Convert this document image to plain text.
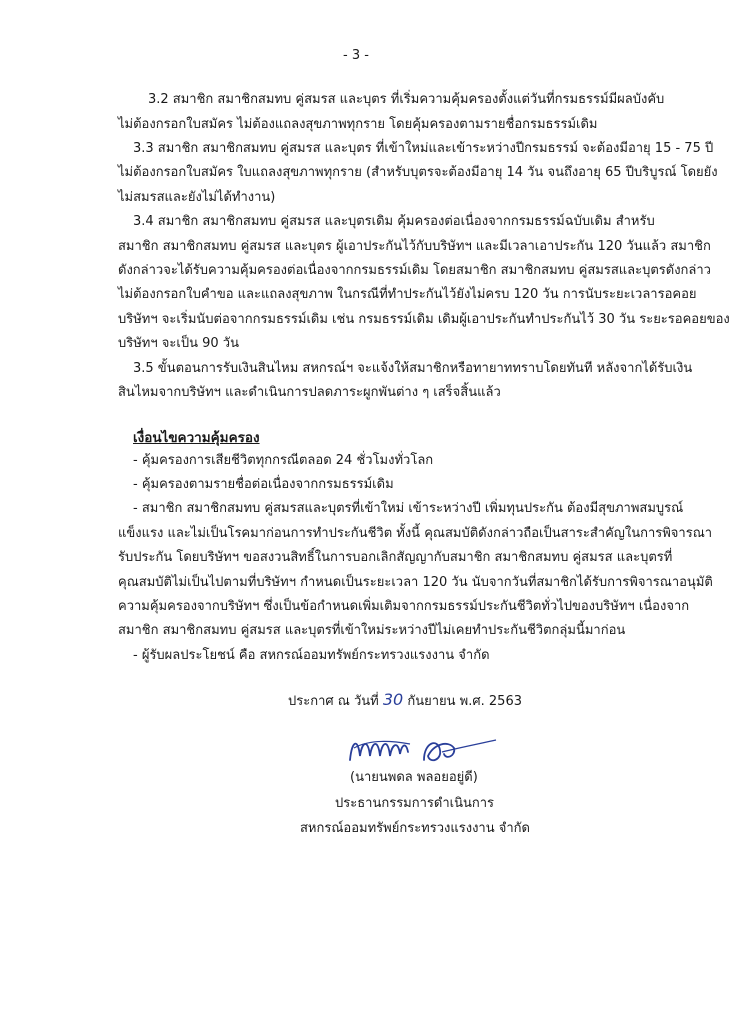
- 3 -
3.2 สมาชิก สมาชิกสมทบ คู่สมรส และบุตร ที่เริ่มความคุ้มครองตั้งแต่วันที่กรมธรรม์มีผลบังคับ
ไม่ต้องกรอกใบสมัคร ไม่ต้องแถลงสุขภาพทุกราย โดยคุ้มครองตามรายชื่อกรมธรรม์เดิม
3.3 สมาชิก สมาชิกสมทบ คู่สมรส และบุตร ที่เข้าใหม่และเข้าระหว่างปีกรมธรรม์ จะต้องมีอายุ 15 - 75 ปี
ไม่ต้องกรอกใบสมัคร ใบแถลงสุขภาพทุกราย (สำหรับบุตรจะต้องมีอายุ 14 วัน จนถึงอายุ 65 ปีบริบูรณ์ โดยยัง
ไม่สมรสและยังไม่ได้ทำงาน)
3.4 สมาชิก สมาชิกสมทบ คู่สมรส และบุตรเดิม คุ้มครองต่อเนื่องจากกรมธรรม์ฉบับเดิม สำหรับ
สมาชิก สมาชิกสมทบ คู่สมรส และบุตร ผู้เอาประกันไว้กับบริษัทฯ และมีเวลาเอาประกัน 120 วันแล้ว สมาชิก
ดังกล่าวจะได้รับความคุ้มครองต่อเนื่องจากกรมธรรม์เดิม โดยสมาชิก สมาชิกสมทบ คู่สมรสและบุตรดังกล่าว
ไม่ต้องกรอกใบคำขอ และแถลงสุขภาพ ในกรณีที่ทำประกันไว้ยังไม่ครบ 120 วัน การนับระยะเวลารอคอย
บริษัทฯ จะเริ่มนับต่อจากกรมธรรม์เดิม เช่น กรมธรรม์เดิม เดิมผู้เอาประกันทำประกันไว้ 30 วัน ระยะรอคอยของ
บริษัทฯ จะเป็น 90 วัน
3.5 ขั้นตอนการรับเงินสินไหม สหกรณ์ฯ จะแจ้งให้สมาชิกหรือทายาททราบโดยทันที หลังจากได้รับเงิน
สินไหมจากบริษัทฯ และดำเนินการปลดภาระผูกพันต่าง ๆ เสร็จสิ้นแล้ว
เงื่อนไขความคุ้มครอง
- คุ้มครองการเสียชีวิตทุกกรณีตลอด 24 ชั่วโมงทั่วโลก
- คุ้มครองตามรายชื่อต่อเนื่องจากกรมธรรม์เดิม
- สมาชิก สมาชิกสมทบ คู่สมรสและบุตรที่เข้าใหม่ เข้าระหว่างปี เพิ่มทุนประกัน ต้องมีสุขภาพสมบูรณ์
แข็งแรง และไม่เป็นโรคมาก่อนการทำประกันชีวิต ทั้งนี้ คุณสมบัติดังกล่าวถือเป็นสาระสำคัญในการพิจารณา
รับประกัน โดยบริษัทฯ ขอสงวนสิทธิ์ในการบอกเลิกสัญญากับสมาชิก สมาชิกสมทบ คู่สมรส และบุตรที่
คุณสมบัติไม่เป็นไปตามที่บริษัทฯ กำหนดเป็นระยะเวลา 120 วัน นับจากวันที่สมาชิกได้รับการพิจารณาอนุมัติ
ความคุ้มครองจากบริษัทฯ ซึ่งเป็นข้อกำหนดเพิ่มเติมจากกรมธรรม์ประกันชีวิตทั่วไปของบริษัทฯ เนื่องจาก
สมาชิก สมาชิกสมทบ คู่สมรส และบุตรที่เข้าใหม่ระหว่างปีไม่เคยทำประกันชีวิตกลุ่มนี้มาก่อน
- ผู้รับผลประโยชน์ คือ สหกรณ์ออมทรัพย์กระทรวงแรงงาน จำกัด
ประกาศ ณ วันที่ 30 กันยายน พ.ศ. 2563
(นายนพดล พลอยอยู่ดี)
ประธานกรรมการดำเนินการ
สหกรณ์ออมทรัพย์กระทรวงแรงงาน จำกัด
